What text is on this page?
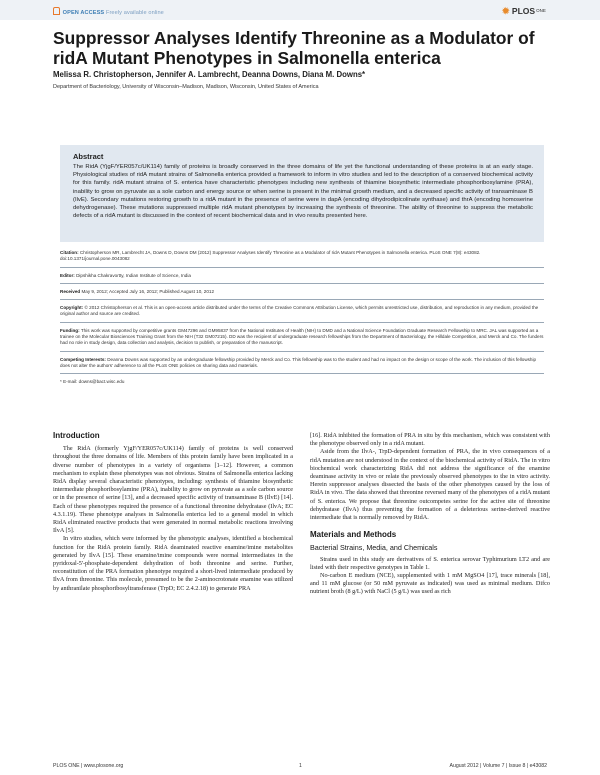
OPEN ACCESS Freely available online	✹ $PLOS^{ONE}$
Suppressor Analyses Identify Threonine as a Modulator of ridA Mutant Phenotypes in Salmonella enterica
Melissa R. Christopherson, Jennifer A. Lambrecht, Deanna Downs, Diana M. Downs*
Department of Bacteriology, University of Wisconsin–Madison, Madison, Wisconsin, United States of America
Abstract
The RidA (YjgF/YER057c/UK114) family of proteins is broadly conserved in the three domains of life yet the functional understanding of these proteins is at an early stage. Physiological studies of ridA mutant strains of Salmonella enterica provided a framework to inform in vitro studies and led to the description of a conserved biochemical activity for this family. ridA mutant strains of S. enterica have characteristic phenotypes including new synthesis of thiamine biosynthetic intermediate phosphoribosylamine (PRA), inability to grow on pyruvate as a sole carbon and energy source or when serine is present in the minimal growth medium, and a decreased specific activity of transaminase B (IlvE). Secondary mutations restoring growth to a ridA mutant in the presence of serine were in dapA (encoding dihydrodipicolinate synthase) and thrA (encoding homoserine dehydrogenase). These mutations suppressed multiple ridA mutant phenotypes by increasing the synthesis of threonine. The ability of threonine to suppress the metabolic defects of a ridA mutant is discussed in the context of recent biochemical data and in vivo results presented here.
Citation: Christopherson MR, Lambrecht JA, Downs D, Downs DM (2012) Suppressor Analyses Identify Threonine as a Modulator of ridA Mutant Phenotypes in Salmonella enterica. PLoS ONE 7(8): e43082. doi:10.1371/journal.pone.0043082
Editor: Dipshikha Chakravortty, Indian Institute of Science, India
Received May 9, 2012; Accepted July 16, 2012; Published August 10, 2012
Copyright: © 2012 Christopherson et al. This is an open-access article distributed under the terms of the Creative Commons Attribution License, which permits unrestricted use, distribution, and reproduction in any medium, provided the original author and source are credited.
Funding: This work was supported by competitive grants GM47296 and GM95837 from the National Institutes of Health (NIH) to DMD and a National Science Foundation Graduate Research Fellowship to MRC. JAL was supported as a trainee on the Molecular Biosciences Training Grant from the NIH (T32 GM07215). DD was the recipient of undergraduate research fellowships from the Department of Bacteriology, the Hilldale Competition, and Merck and Co. The funders had no role in study design, data collection and analysis, decision to publish, or preparation of the manuscript.
Competing Interests: Deanna Downs was supported by an undergraduate fellowship provided by Merck and Co. This fellowship was to the student and had no impact on the design or scope of the work. The inclusion of this fellowship does not alter the authors' adherence to all the PLoS ONE policies on sharing data and materials.
* E-mail: downs@bact.wisc.edu
Introduction

The RidA (formerly YjgF/YER057c/UK114) family of proteins is well conserved throughout the three domains of life. Members of this protein family have been implicated in a diverse number of phenotypes in a variety of organisms [1–12]. However, a common mechanism to explain these phenotypes was not obvious. Strains of Salmonella enterica lacking RidA display several characteristic phenotypes, including: synthesis of thiamine biosynthetic intermediate phosphoribosylamine (PRA), inability to grow on pyruvate as a sole carbon source or in the presence of serine [13], and a decreased specific activity of transaminase B (IlvE) [14]. Each of these phenotypes required the presence of a functional threonine dehydratase (IlvA; EC 4.3.1.19). These phenotype analyses in Salmonella enterica led to a general model in which RidA eliminated reactive products that were generated in normal metabolic reactions involving IlvA [5].

In vitro studies, which were informed by the phenotypic analyses, identified a biochemical function for the RidA protein family. RidA deaminated reactive enamine/imine metabolites generated by IlvA [15]. These enamine/imine compounds were normal intermediates in the pyridoxal-5'-phosphate-dependent dehydration of both threonine and serine. Further, reconstitution of the PRA formation phenotype required a short-lived intermediate produced by IlvA from threonine. This molecule, presumed to be the 2-aminocrotonate enamine was utilized by anthranilate phosphoribosyltransferase (TrpD; EC 2.4.2.18) to generate PRA

[16]. RidA inhibited the formation of PRA in situ by this mechanism, which was consistent with the phenotype observed only in a ridA mutant.

Aside from the IlvA-, TrpD-dependent formation of PRA, the in vivo consequences of a ridA mutation are not understood in the context of the biochemical activity of RidA. The in vitro biochemical work characterizing RidA did not address the significance of the enamine deaminase activity in vivo or relate the previously observed phenotypes to the in vitro activity. Herein suppressor analyses dissected the basis of the other phenotypes caused by the loss of RidA in vivo. The data showed that threonine reversed many of the phenotypes of a ridA mutant of S. enterica. We propose that threonine outcompetes serine for the active site of threonine dehydratase (IlvA) thus preventing the formation of a deleterious serine-derived reactive intermediate that is normally removed by RidA.

Materials and Methods
Bacterial Strains, Media, and Chemicals

Strains used in this study are derivatives of S. enterica serovar Typhimurium LT2 and are listed with their respective genotypes in Table 1.

No-carbon E medium (NCE), supplemented with 1 mM MgSO4 [17], trace minerals [18], and 11 mM glucose (or 50 mM pyruvate as indicated) was used as minimal medium. Difco nutrient broth (8 g/L) with NaCl (5 g/L) was used as rich

PLOS ONE | www.plosone.org	1	August 2012 | Volume 7 | Issue 8 | e43082
